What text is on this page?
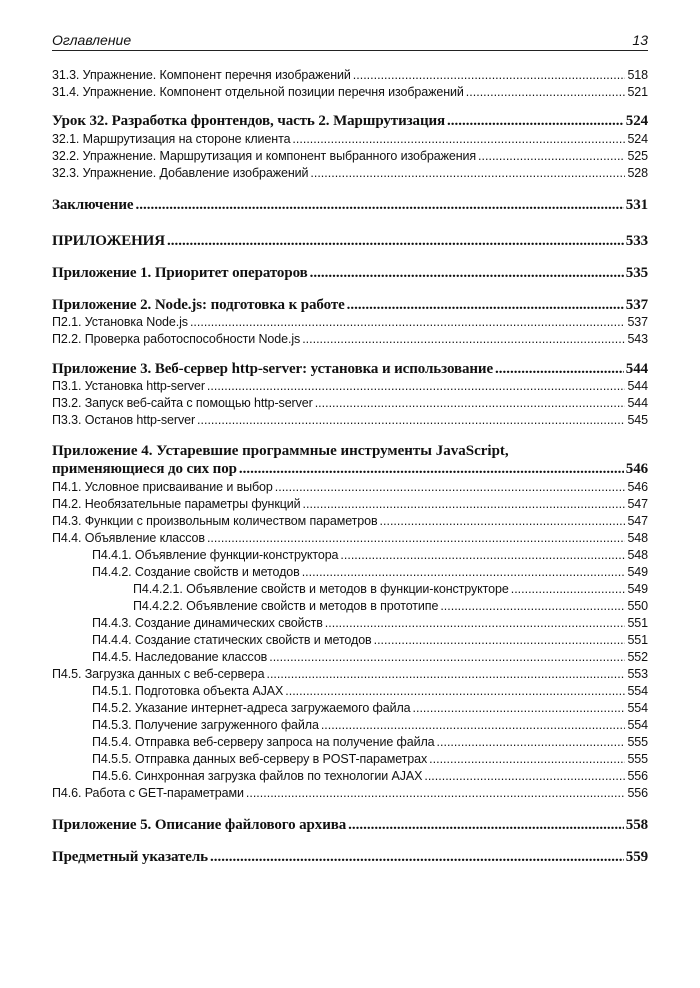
Оглавление	13
31.3. Упражнение. Компонент перечня изображений .....	518
31.4. Упражнение. Компонент отдельной позиции перечня изображений .....	521
Урок 32. Разработка фронтендов, часть 2. Маршрутизация .....	524
32.1. Маршрутизация на стороне клиента .....	524
32.2. Упражнение. Маршрутизация и компонент выбранного изображения .....	525
32.3. Упражнение. Добавление изображений .....	528
Заключение .....	531
ПРИЛОЖЕНИЯ .....	533
Приложение 1. Приоритет операторов .....	535
Приложение 2. Node.js: подготовка к работе .....	537
П2.1. Установка Node.js .....	537
П2.2. Проверка работоспособности Node.js .....	543
Приложение 3. Веб-сервер http-server: установка и использование .....	544
П3.1. Установка http-server .....	544
П3.2. Запуск веб-сайта с помощью http-server .....	544
П3.3. Останов http-server .....	545
Приложение 4. Устаревшие программные инструменты JavaScript,
применяющиеся до сих пор .....	546
П4.1. Условное присваивание и выбор .....	546
П4.2. Необязательные параметры функций .....	547
П4.3. Функции с произвольным количеством параметров .....	547
П4.4. Объявление классов .....	548
П4.4.1. Объявление функции-конструктора .....	548
П4.4.2. Создание свойств и методов .....	549
П4.4.2.1. Объявление свойств и методов в функции-конструкторе .....	549
П4.4.2.2. Объявление свойств и методов в прототипе .....	550
П4.4.3. Создание динамических свойств .....	551
П4.4.4. Создание статических свойств и методов .....	551
П4.4.5. Наследование классов .....	552
П4.5. Загрузка данных с веб-сервера .....	553
П4.5.1. Подготовка объекта AJAX .....	554
П4.5.2. Указание интернет-адреса загружаемого файла .....	554
П4.5.3. Получение загруженного файла .....	554
П4.5.4. Отправка веб-серверу запроса на получение файла .....	555
П4.5.5. Отправка данных веб-серверу в POST-параметрах .....	555
П4.5.6. Синхронная загрузка файлов по технологии AJAX .....	556
П4.6. Работа с GET-параметрами .....	556
Приложение 5. Описание файлового архива .....	558
Предметный указатель .....	559
